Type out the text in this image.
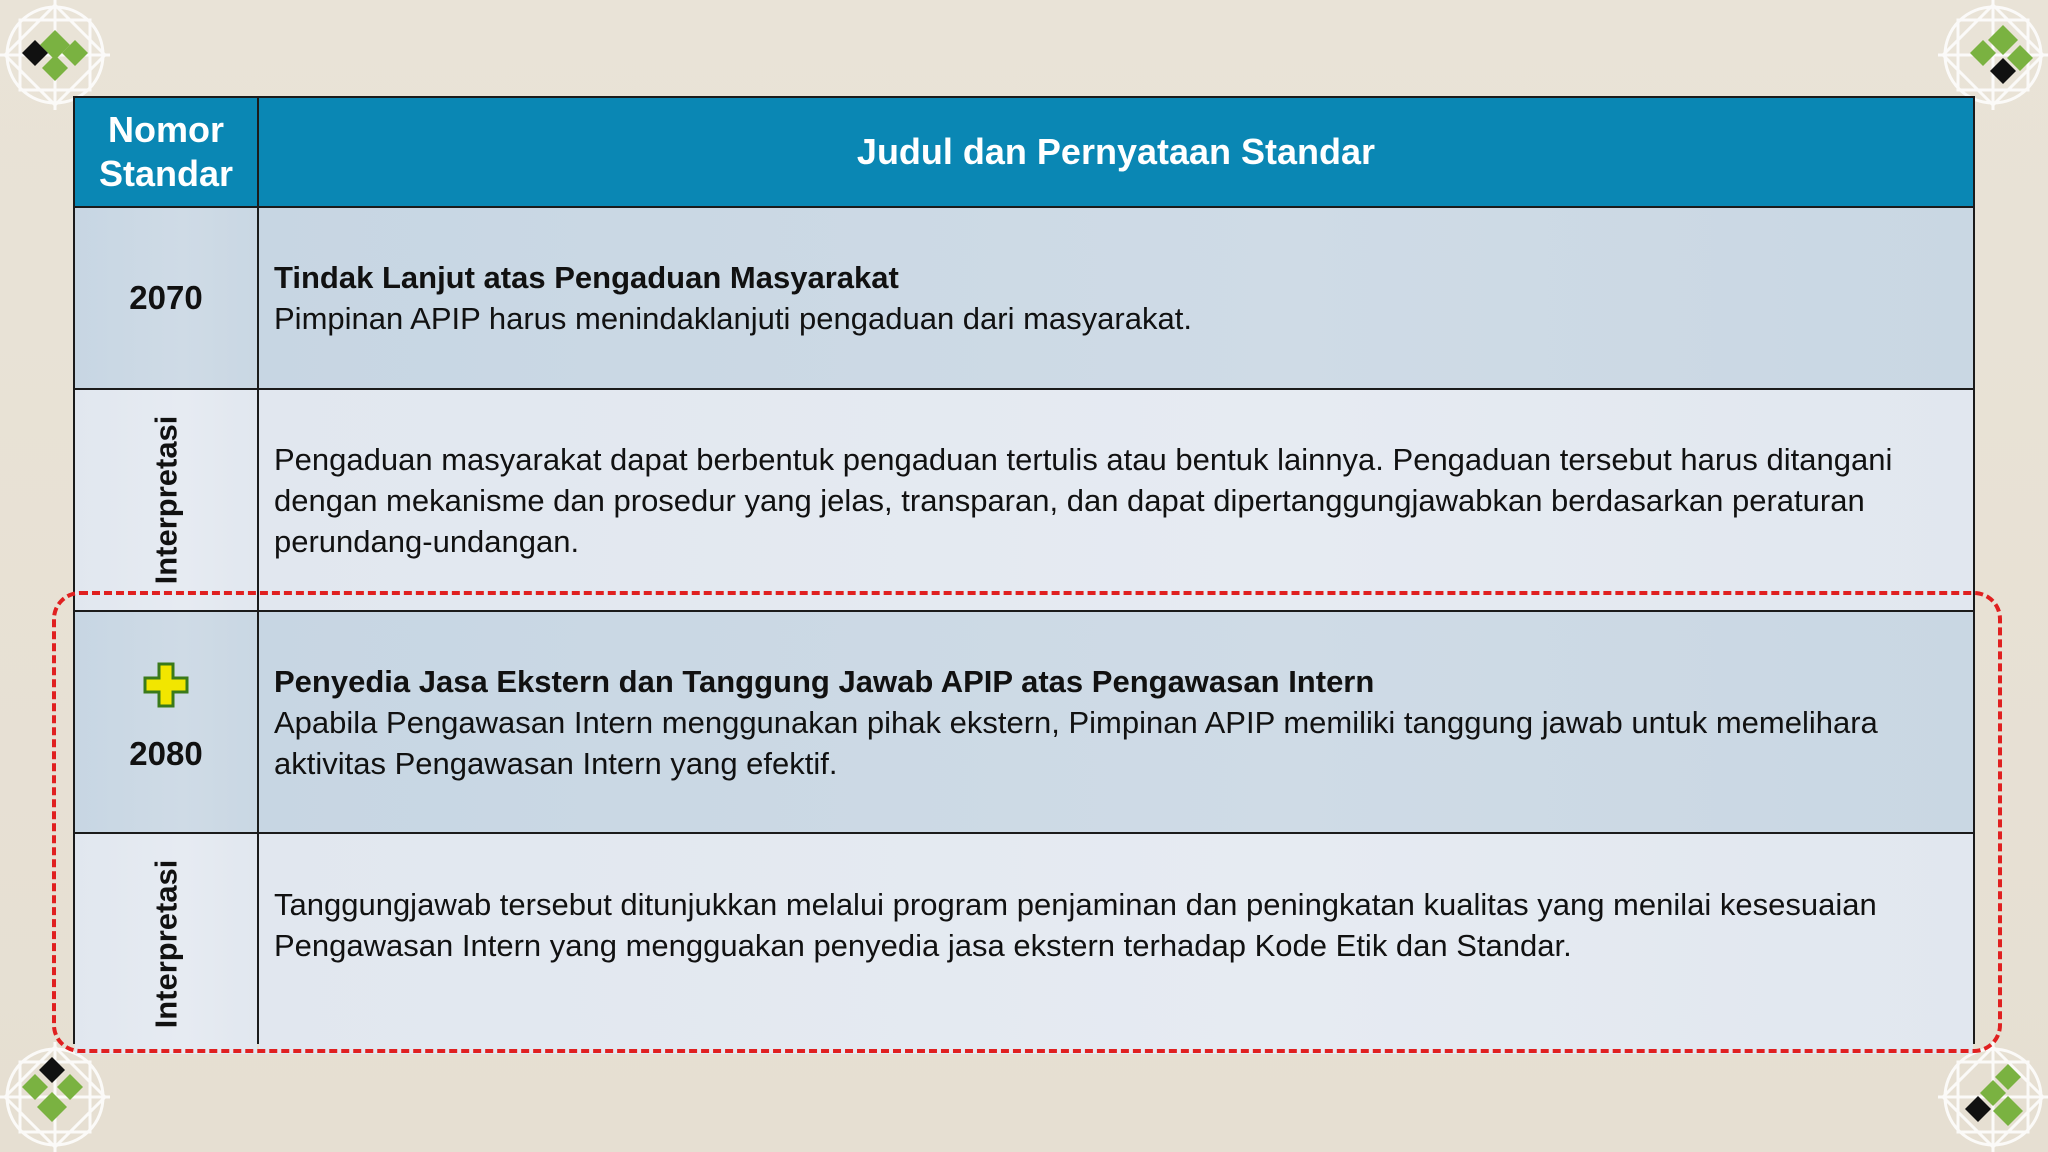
Nomor Standar
Judul dan Pernyataan Standar
2070
Tindak Lanjut atas Pengaduan Masyarakat
Pimpinan APIP harus menindaklanjuti pengaduan dari masyarakat.
Interpretasi	Pengaduan masyarakat dapat berbentuk pengaduan tertulis atau bentuk lainnya. Pengaduan tersebut harus ditangani dengan mekanisme dan prosedur yang jelas, transparan, dan dapat dipertanggungjawabkan berdasarkan peraturan perundang-undangan.
2080
Penyedia Jasa Ekstern dan Tanggung Jawab APIP atas Pengawasan Intern
Apabila Pengawasan Intern menggunakan pihak ekstern, Pimpinan APIP memiliki tanggung jawab untuk memelihara aktivitas Pengawasan Intern yang efektif.
Interpretasi	Tanggungjawab tersebut ditunjukkan melalui program penjaminan dan peningkatan kualitas yang menilai kesesuaian Pengawasan Intern yang mengguakan penyedia jasa ekstern terhadap Kode Etik dan Standar.
